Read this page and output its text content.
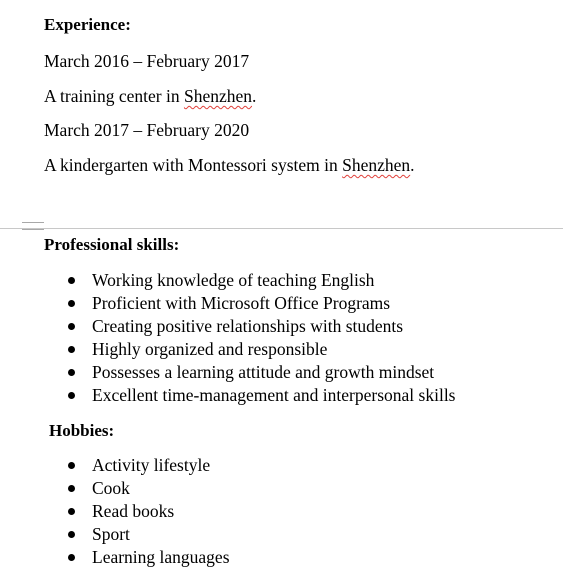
Experience:
March 2016 – February 2017
A training center in Shenzhen.
March 2017 – February 2020
A kindergarten with Montessori system in Shenzhen.
Professional skills:
Working knowledge of teaching English
Proficient with Microsoft Office Programs
Creating positive relationships with students
Highly organized and responsible
Possesses a learning attitude and growth mindset
Excellent time-management and interpersonal skills
Hobbies:
Activity lifestyle
Cook
Read books
Sport
Learning languages
